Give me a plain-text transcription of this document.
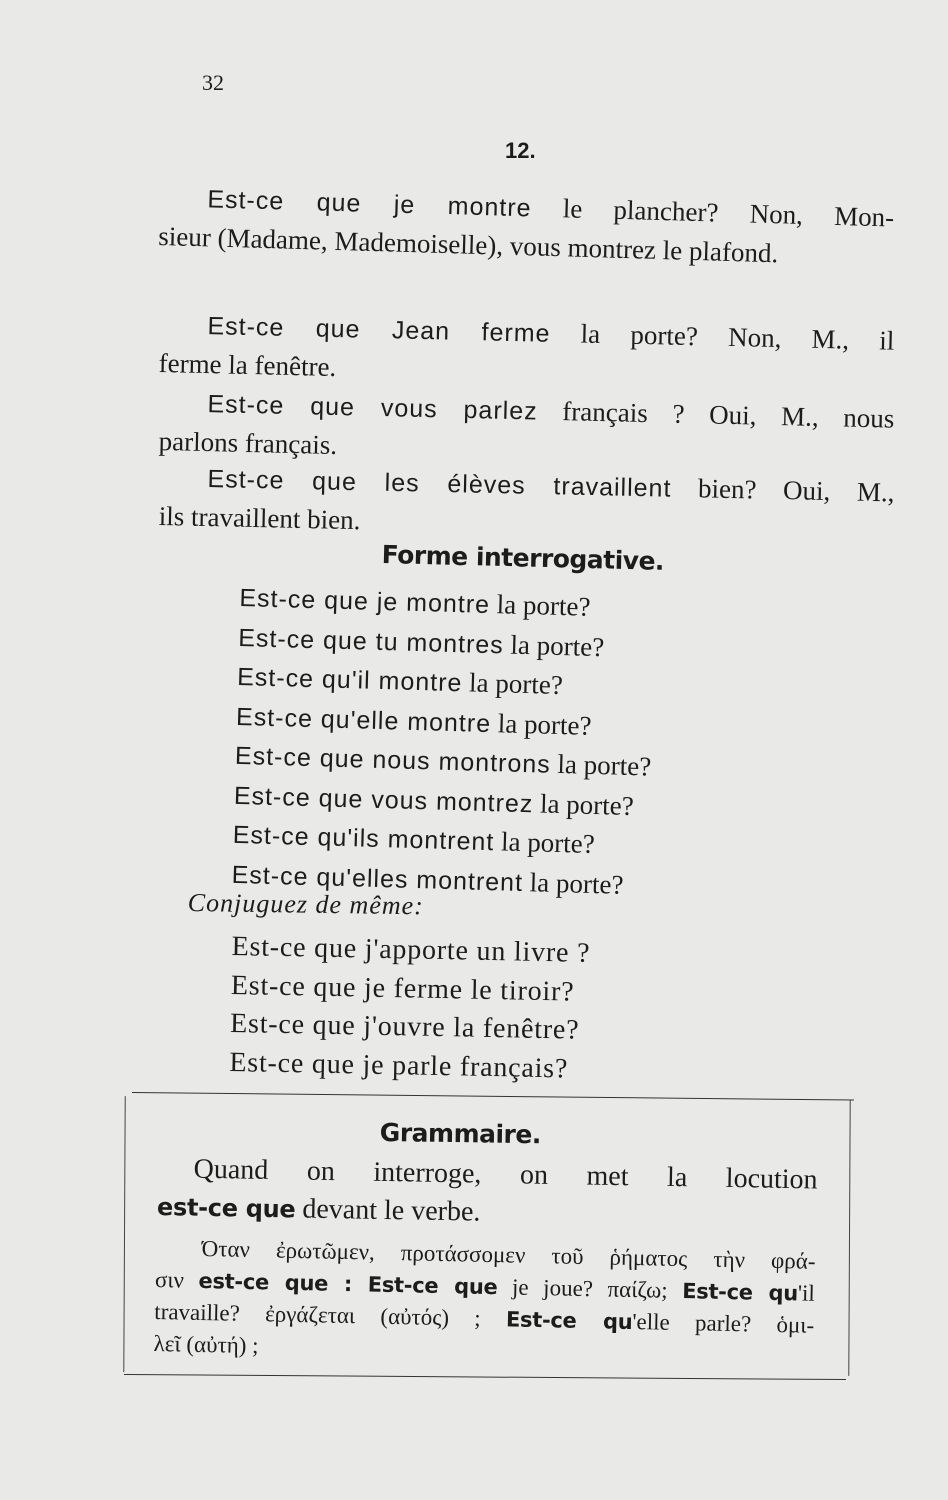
32
12.
Est-ce que je montre le plancher? Non, Mon-
sieur (Madame, Mademoiselle), vous montrez le plafond.
Est-ce que Jean ferme la porte? Non, M., il
ferme la fenêtre.
Est-ce que vous parlez français ? Oui, M., nous
parlons français.
Est-ce que les élèves travaillent bien? Oui, M.,
ils travaillent bien.
Forme interrogative.
Est-ce que je montre la porte?
Est-ce que tu montres la porte?
Est-ce qu'il montre la porte?
Est-ce qu'elle montre la porte?
Est-ce que nous montrons la porte?
Est-ce que vous montrez la porte?
Est-ce qu'ils montrent la porte?
Est-ce qu'elles montrent la porte?
Conjuguez de même:
Est-ce que j'apporte un livre ?
Est-ce que je ferme le tiroir?
Est-ce que j'ouvre la fenêtre?
Est-ce que je parle français?
Grammaire.
Quand on interroge, on met la locution
est-ce que devant le verbe.
Όταν ἐρωτῶμεν, προτάσσομεν τοῦ ῥήματος τὴν φρά-
σιν est-ce que : Est-ce que je joue? παίζω; Est-ce qu'il
travaille? ἐργάζεται (αὐτός) ; Est-ce qu'elle parle? ὁμι-
λεῖ (αὐτή) ;
